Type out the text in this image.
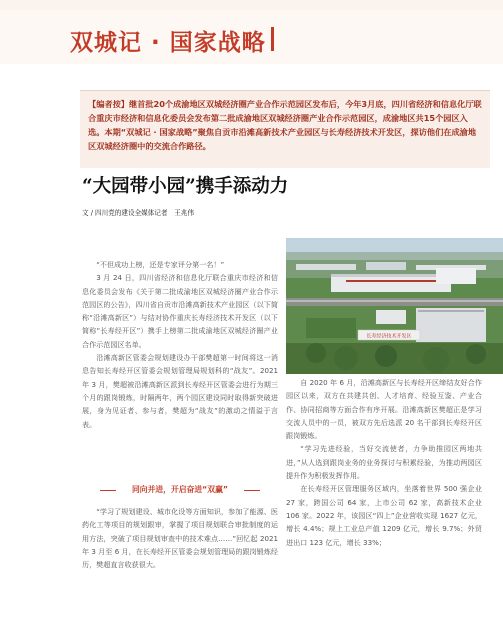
双城记 · 国家战略
【编者按】继首批20个成渝地区双城经济圈产业合作示范园区发布后，今年3月底，四川省经济和信息化厅联合重庆市经济和信息化委员会发布第二批成渝地区双城经济圈产业合作示范园区，成渝地区共15个园区入选。本期“双城记 · 国家战略”聚焦自贡市沿滩高新技术产业园区与长寿经济技术开发区，探访他们在成渝地区双城经济圈中的交流合作路径。
“大园带小园”携手添动力
文 / 四川党的建设全媒体记者　王兆伟
长寿经济技术开发区

“不但成功上榜，还是专家评分第一名！”

3 月 24 日，四川省经济和信息化厅联合重庆市经济和信息化委员会发布《关于第二批成渝地区双城经济圈产业合作示范园区的公告》，四川省自贡市沿滩高新技术产业园区（以下简称“沿滩高新区”）与结对协作重庆长寿经济技术开发区（以下简称“长寿经开区”）携手上榜第二批成渝地区双城经济圈产业合作示范园区名单。

沿滩高新区管委会规划建设办干部樊超第一时间将这一消息告知长寿经开区管委会规划管理局规划科的“战友”。2021 年 3 月，樊超被沿滩高新区派到长寿经开区管委会进行为期三个月的跟岗锻炼，时隔两年，两个园区建设同时取得新突破进展，身为见证者、参与者，樊超为“战友”的激动之情溢于言表。

同向并进，开启奋进“双赢”

“学习了规划建设、城市化设等方面知识，参加了能源、医药化工等项目的规划跟审，掌握了项目规划联合审批制度的运用方法，突破了项目规划审查中的技术难点……”回忆起 2021 年 3 月至 6 月，在长寿经开区管委会规划管理局的跟岗锻炼经历，樊超直言收获很大。

自 2020 年 6 月，沿滩高新区与长寿经开区缔结友好合作园区以来，双方在共建共创、人才培育、经验互鉴、产业合作、协同招商等方面合作有序开展。沿滩高新区樊超正是学习交流人员中的一员，被双方先后选派 20 名干部到长寿经开区跟岗锻炼。

“学习先进经验，当好交流使者，力争助推园区两地共进，”从人选到跟岗业务的业务探讨与积累经验，为推动两园区提升作为积极发挥作用。

在长寿经开区管理服务区域内，坐落着世界 500 强企业 27 家，跨国公司 64 家，上市公司 62 家，高新技术企业 106 家。2022 年，该园区“四上”企业营收实现 1627 亿元，增长 4.4%；规上工业总产值 1209 亿元，增长 9.7%；外贸进出口 123 亿元，增长 33%；
